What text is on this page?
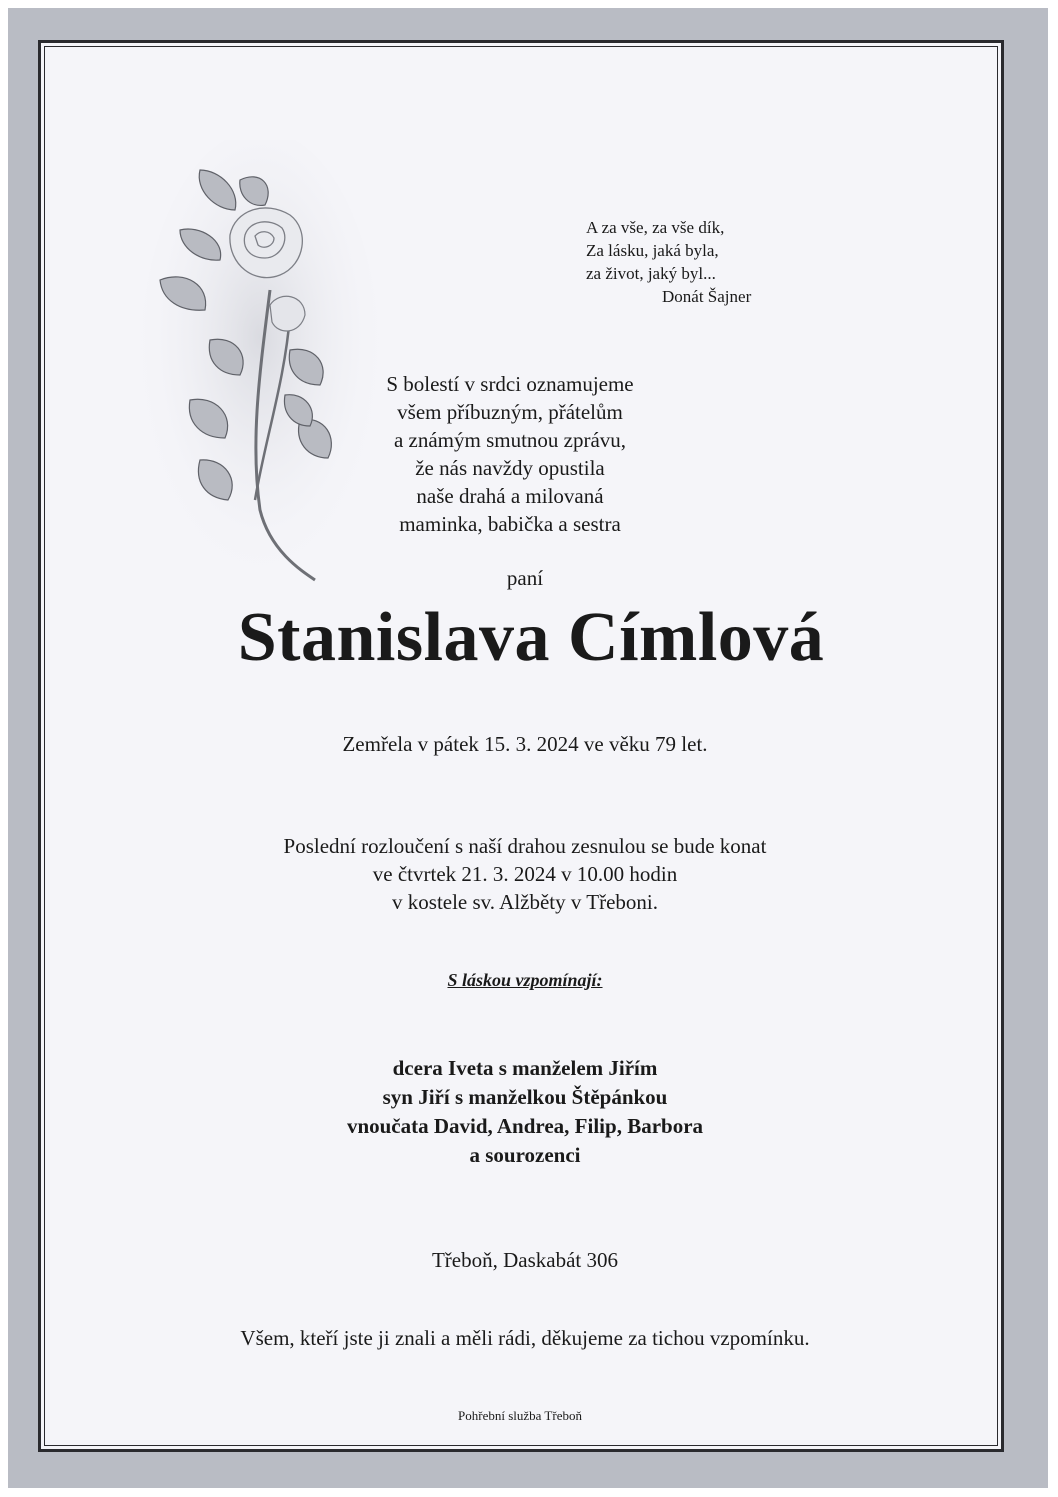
A za vše, za vše dík,
Za lásku, jaká byla,
za život, jaký byl...
Donát Šajner
S bolestí v srdci oznamujeme
všem příbuzným, přátelům
a známým smutnou zprávu,
že nás navždy opustila
naše drahá a milovaná
maminka, babička a sestra
paní
Stanislava Címlová
Zemřela v pátek 15. 3. 2024 ve věku 79 let.
Poslední rozloučení s naší drahou zesnulou se bude konat
ve čtvrtek 21. 3. 2024 v 10.00 hodin
v kostele sv. Alžběty v Třeboni.
S láskou vzpomínají:
dcera Iveta s manželem Jiřím
syn Jiří s manželkou Štěpánkou
vnoučata David, Andrea, Filip, Barbora
a sourozenci
Třeboň, Daskabát 306
Všem, kteří jste ji znali a měli rádi, děkujeme za tichou vzpomínku.
Pohřební služba Třeboň
